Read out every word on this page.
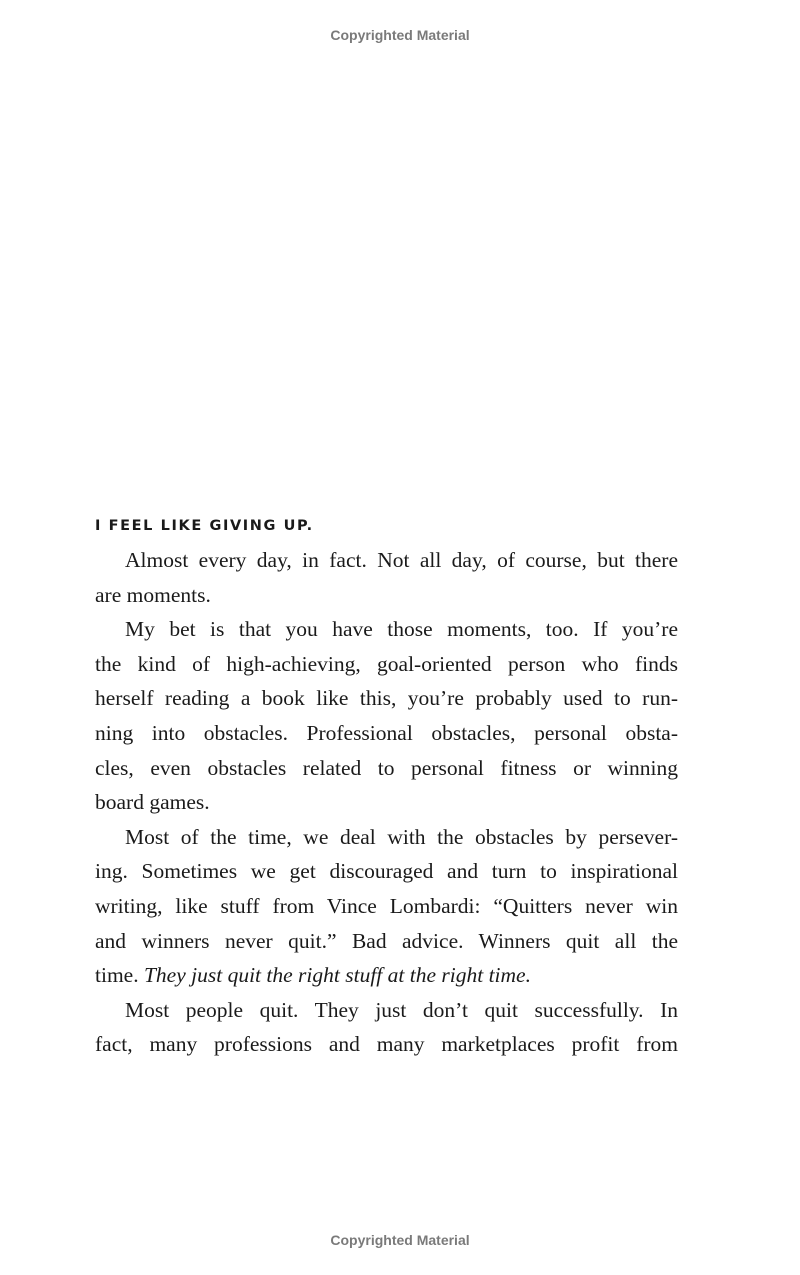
Copyrighted Material
I FEEL LIKE GIVING UP.
Almost every day, in fact. Not all day, of course, but there
are moments.
My bet is that you have those moments, too. If you’re
the kind of high-achieving, goal-oriented person who finds
herself reading a book like this, you’re probably used to run-
ning into obstacles. Professional obstacles, personal obsta-
cles, even obstacles related to personal fitness or winning
board games.
Most of the time, we deal with the obstacles by persever-
ing. Sometimes we get discouraged and turn to inspirational
writing, like stuff from Vince Lombardi: “Quitters never win
and winners never quit.” Bad advice. Winners quit all the
time. They just quit the right stuff at the right time.
Most people quit. They just don’t quit successfully. In
fact, many professions and many marketplaces profit from
Copyrighted Material
